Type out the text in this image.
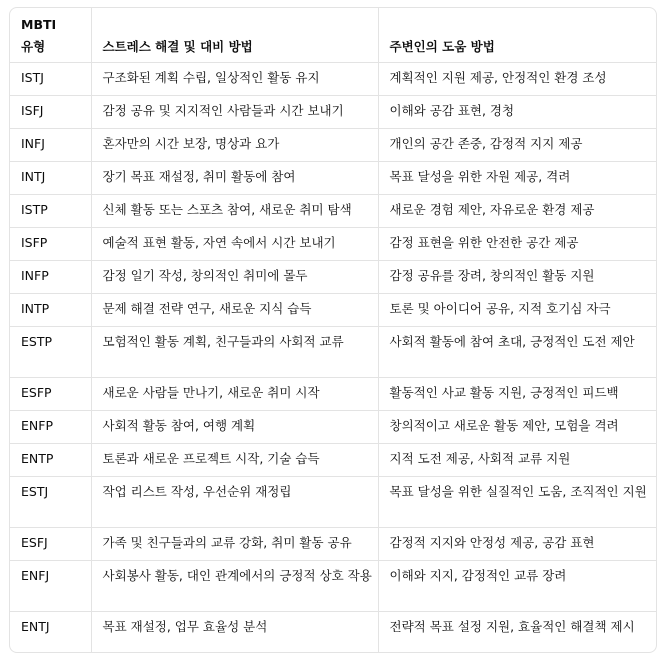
MBTI 유형	스트레스 해결 및 대비 방법	주변인의 도움 방법
ISTJ	구조화된 계획 수립, 일상적인 활동 유지	계획적인 지원 제공, 안정적인 환경 조성
ISFJ	감정 공유 및 지지적인 사람들과 시간 보내기	이해와 공감 표현, 경청
INFJ	혼자만의 시간 보장, 명상과 요가	개인의 공간 존중, 감정적 지지 제공
INTJ	장기 목표 재설정, 취미 활동에 참여	목표 달성을 위한 자원 제공, 격려
ISTP	신체 활동 또는 스포츠 참여, 새로운 취미 탐색	새로운 경험 제안, 자유로운 환경 제공
ISFP	예술적 표현 활동, 자연 속에서 시간 보내기	감정 표현을 위한 안전한 공간 제공
INFP	감정 일기 작성, 창의적인 취미에 몰두	감정 공유를 장려, 창의적인 활동 지원
INTP	문제 해결 전략 연구, 새로운 지식 습득	토론 및 아이디어 공유, 지적 호기심 자극
ESTP	모험적인 활동 계획, 친구들과의 사회적 교류	사회적 활동에 참여 초대, 긍정적인 도전 제안
ESFP	새로운 사람들 만나기, 새로운 취미 시작	활동적인 사교 활동 지원, 긍정적인 피드백
ENFP	사회적 활동 참여, 여행 계획	창의적이고 새로운 활동 제안, 모험을 격려
ENTP	토론과 새로운 프로젝트 시작, 기술 습득	지적 도전 제공, 사회적 교류 지원
ESTJ	작업 리스트 작성, 우선순위 재정립	목표 달성을 위한 실질적인 도움, 조직적인 지원
ESFJ	가족 및 친구들과의 교류 강화, 취미 활동 공유	감정적 지지와 안정성 제공, 공감 표현
ENFJ	사회봉사 활동, 대인 관계에서의 긍정적 상호 작용	이해와 지지, 감정적인 교류 장려
ENTJ	목표 재설정, 업무 효율성 분석	전략적 목표 설정 지원, 효율적인 해결책 제시
